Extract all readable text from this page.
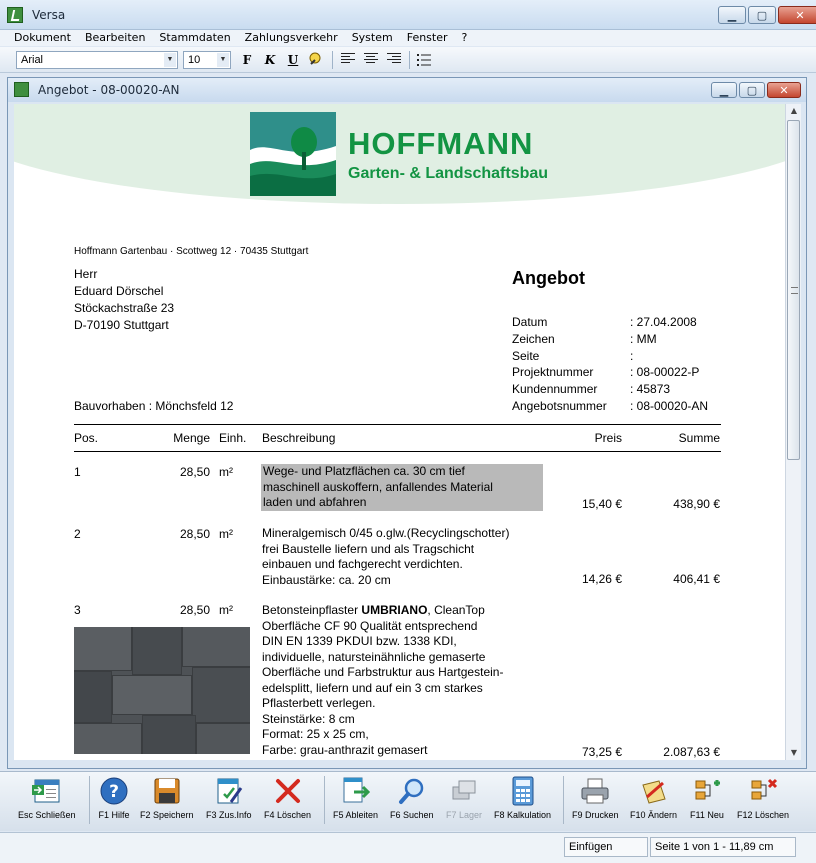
Versa	▁	▢	✕
Dokument Bearbeiten Stammdaten Zahlungsverkehr System Fenster ?
Arial	▼	10	▼	F	K	U
Angebot - 08-00020-AN	▁	▢	✕
HOFFMANN
Garten- & Landschaftsbau
Hoffmann Gartenbau · Scottweg 12 · 70435 Stuttgart
Herr
Eduard Dörschel
Stöckachstraße 23
D-70190 Stuttgart
Angebot
Datum	: 27.04.2008
Zeichen	: MM
Seite	:
Projektnummer	: 08-00022-P
Kundennummer	: 45873
Angebotsnummer : 08-00020-AN
Bauvorhaben : Mönchsfeld 12
Pos.	Menge Einh. Beschreibung	Preis	Summe
1	28,50 m²	Wege- und Platzflächen ca. 30 cm tief
maschinell auskoffern, anfallendes Material
laden und abfahren	15,40 €	438,90 €
2	28,50 m² Mineralgemisch 0/45 o.glw.(Recyclingschotter)
frei Baustelle liefern und als Tragschicht
einbauen und fachgerecht verdichten.
Einbaustärke: ca. 20 cm	14,26 €	406,41 €
3	28,50 m² Betonsteinpflaster UMBRIANO, CleanTop
Oberfläche CF 90 Qualität entsprechend
DIN EN 1339 PKDUI bzw. 1338 KDI,
individuelle, natursteinähnliche gemaserte
Oberfläche und Farbstruktur aus Hartgestein-
edelsplitt, liefern und auf ein 3 cm starkes
Pflasterbett verlegen.
Steinstärke: 8 cm
Format: 25 x 25 cm,
Farbe: grau-anthrazit gemasert	73,25 €	2.087,63 €
▲
▼
Esc Schließen
?
F1 Hilfe F2 Speichern F3 Zus.Info F4 Löschen F5 Ableiten F6 Suchen F7 Lager F8 Kalkulation F9 Drucken F10 Ändern F11 Neu F12 Löschen
Einfügen	Seite 1 von 1 - 11,89 cm
